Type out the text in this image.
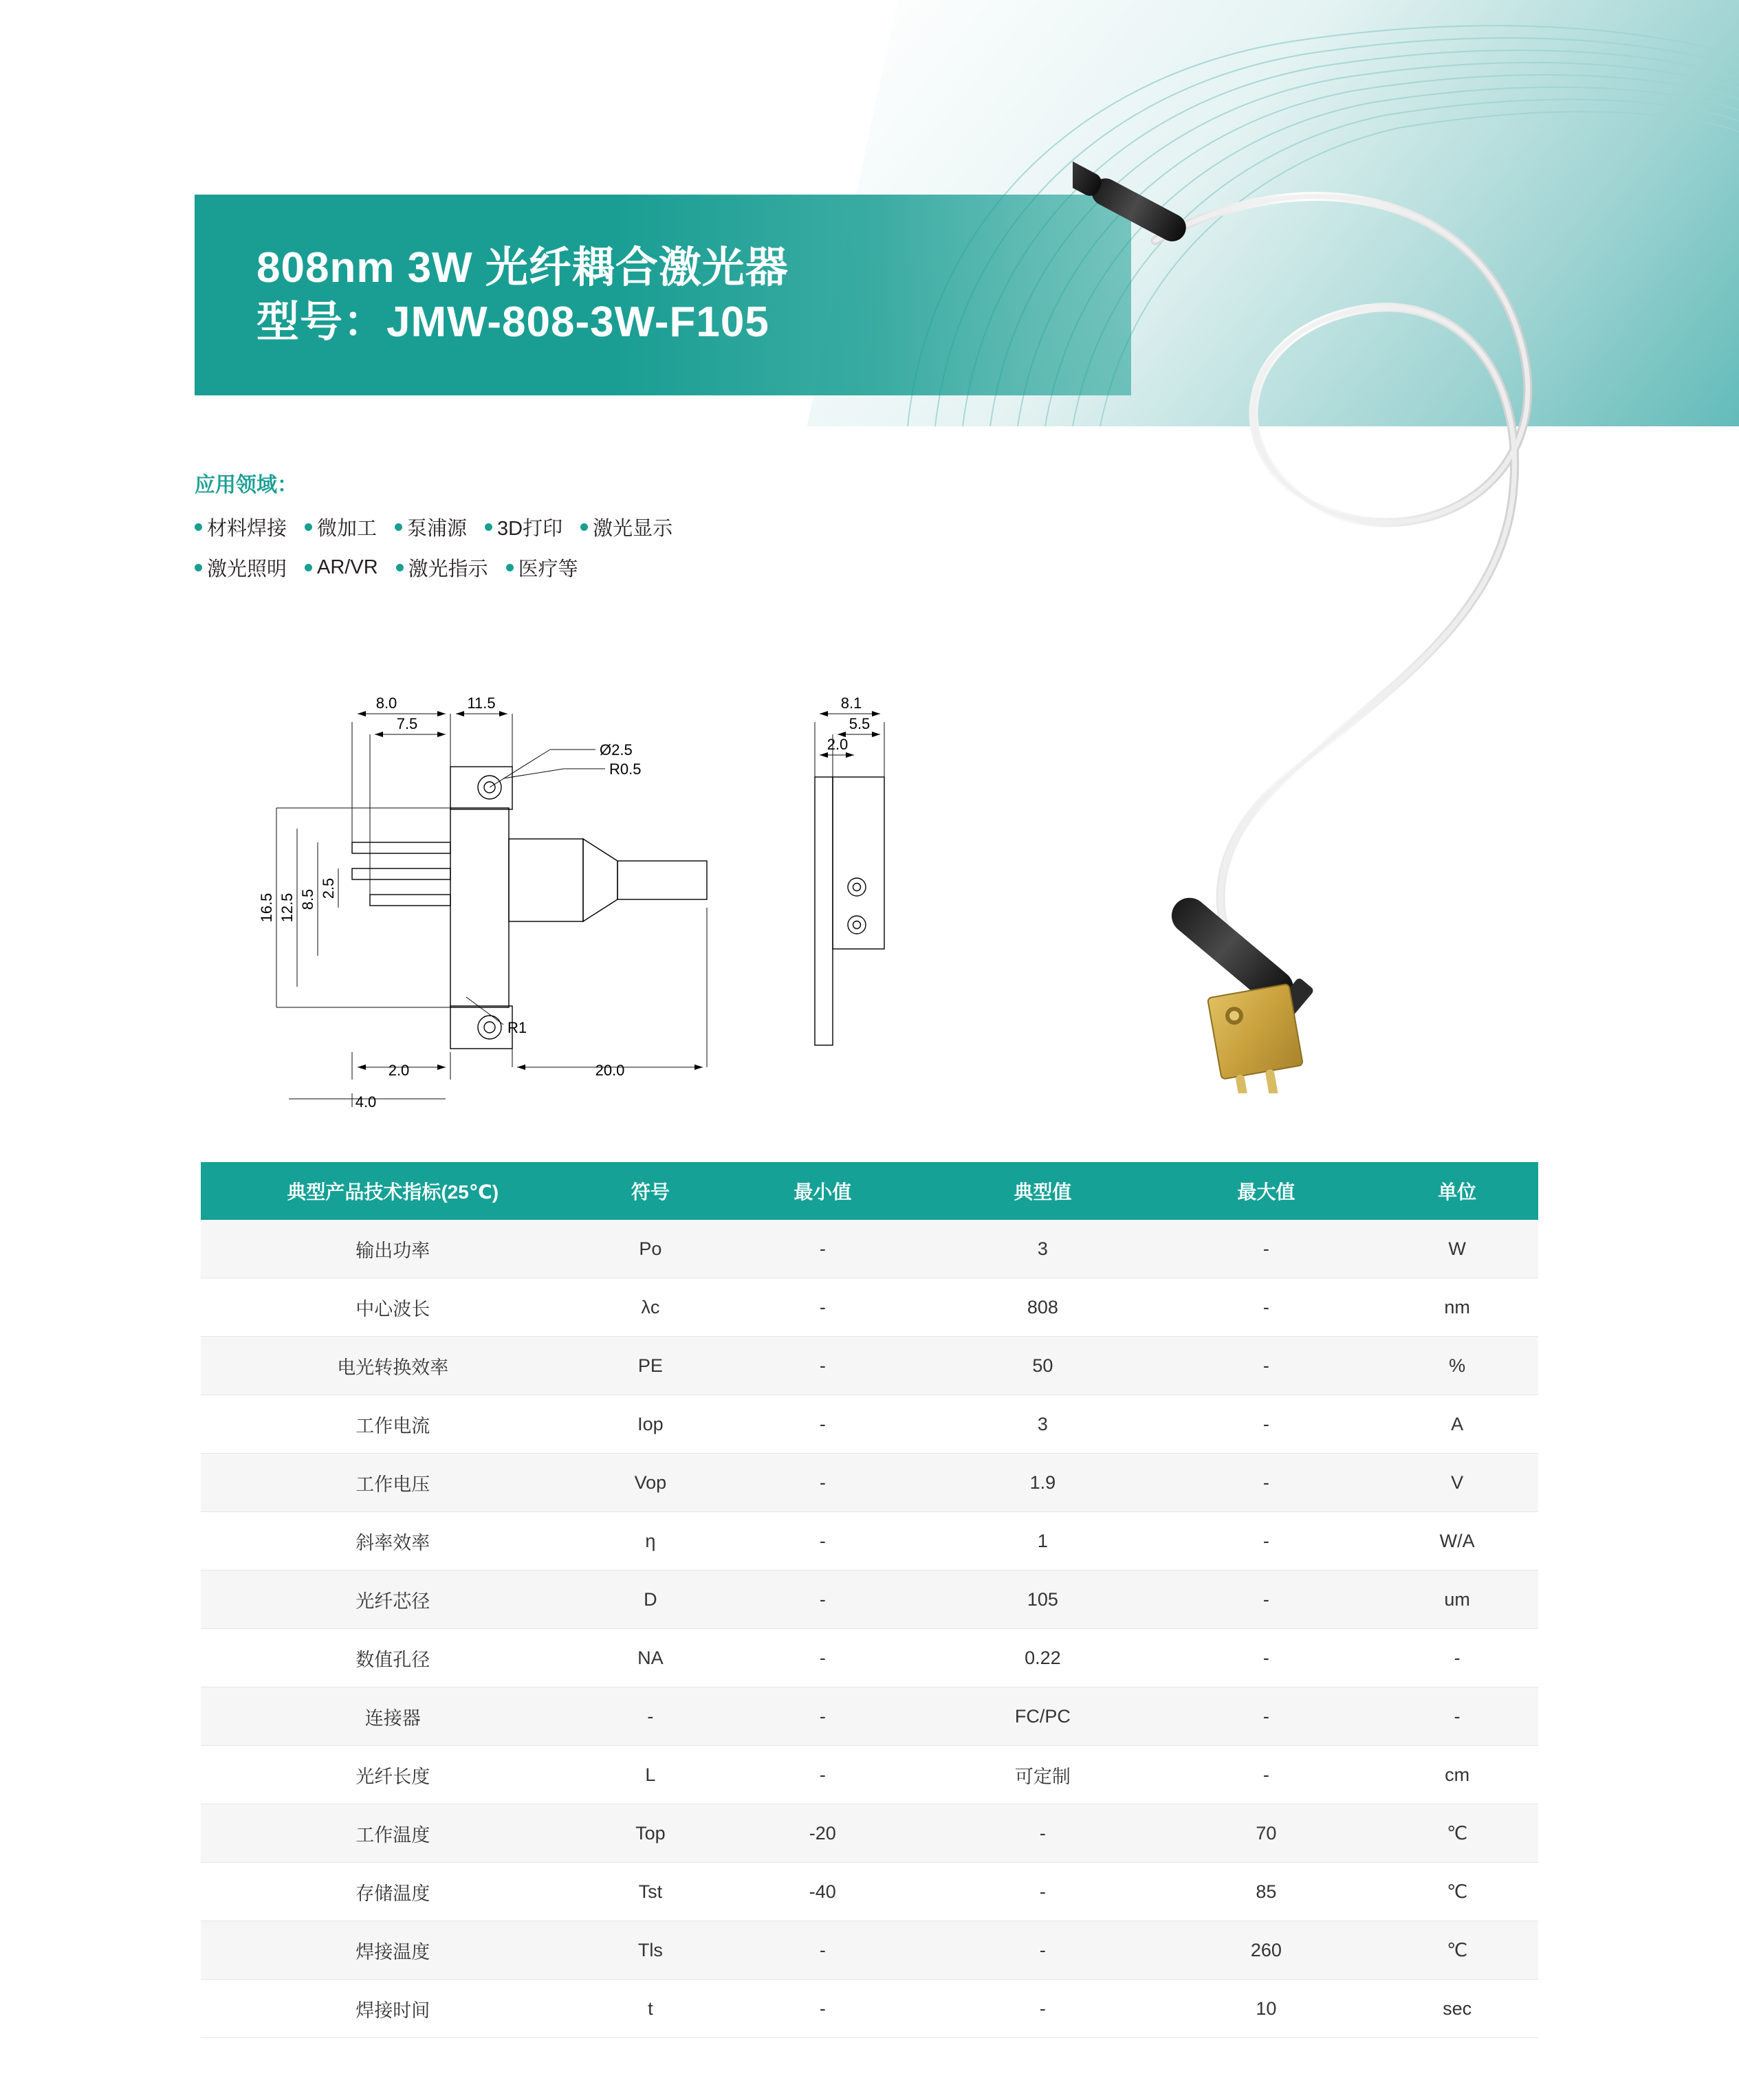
808nm 3W 光纤耦合激光器
型号：JMW-808-3W-F105
应用领域：
材料焊接 微加工 泵浦源 3D打印 激光显示
激光照明 AR/VR 激光指示 医疗等
8.0	11.5
7.5
Ø2.5
R0.5
2.0
4.0
20.0
R1
8.1
5.5
2.0
16.5 12.5 8.5
2.5
典型产品技术指标(25℃)	符号	最小值	典型值	最大值	单位
输出功率	Po	-	3	-	W
中心波长	λc	-	808	-	nm
电光转换效率	PE	-	50	-	%
工作电流	Iop	-	3	-	A
工作电压	Vop	-	1.9	-	V
斜率效率	η	-	1	-	W/A
光纤芯径	D	-	105	-	um
数值孔径	NA	-	0.22	-	-
连接器	-	-	FC/PC	-	-
光纤长度	L	-	可定制	-	cm
工作温度	Top	-20	-	70	℃
存储温度	Tst	-40	-	85	℃
焊接温度	Tls	-	-	260	℃
焊接时间	t	-	-	10	sec
